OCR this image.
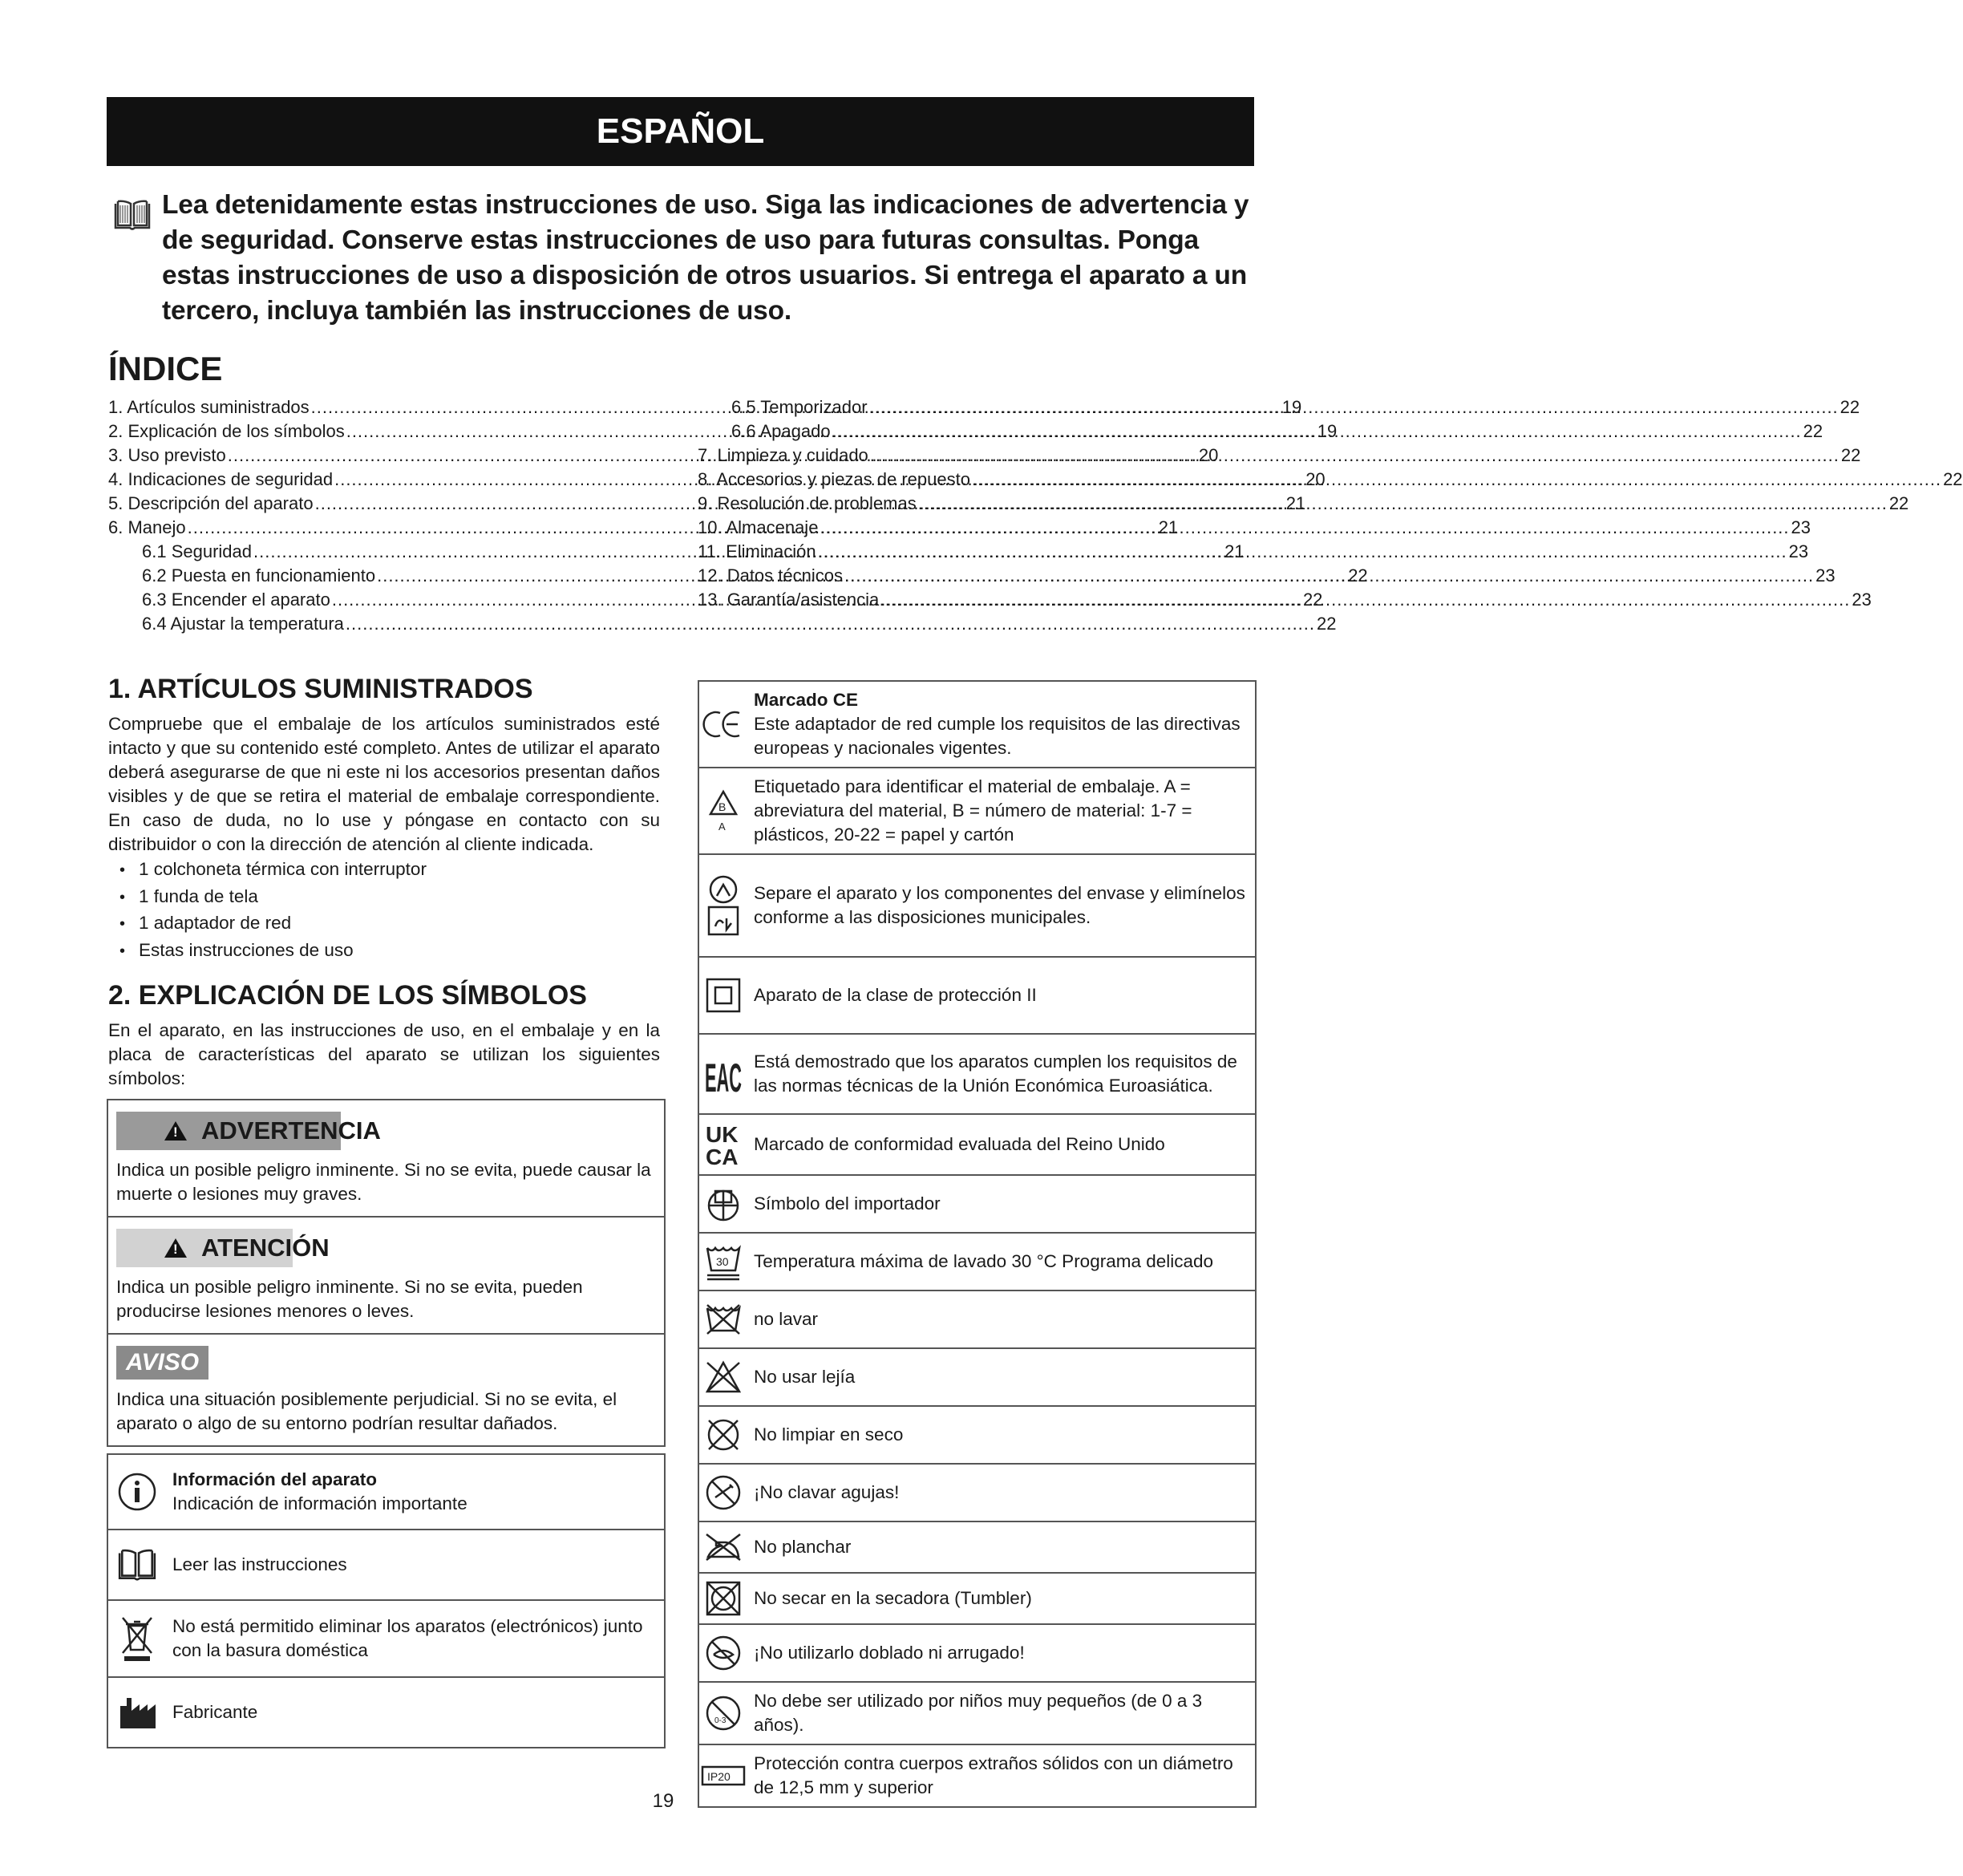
ESPAÑOL

Lea detenidamente estas instrucciones de uso. Siga las indicaciones de advertencia y de seguridad. Conserve estas instrucciones de uso para futuras consultas. Ponga estas instrucciones de uso a disposición de otros usuarios. Si entrega el aparato a un tercero, incluya también las instrucciones de uso.

ÍNDICE
1. Artículos suministrados .....	19
2. Explicación de los símbolos .....	19
3. Uso previsto .....	20
4. Indicaciones de seguridad .....	20
5. Descripción del aparato .....	21
6. Manejo .....	21
6.1 Seguridad .....	21
6.2 Puesta en funcionamiento .....	22
6.3 Encender el aparato .....	22
6.4 Ajustar la temperatura .....	22
6.5 Temporizador .....	22
6.6 Apagado .....	22
7. Limpieza y cuidado .....	22
8. Accesorios y piezas de repuesto .....	22
9. Resolución de problemas .....	22
10. Almacenaje .....	23
11. Eliminación .....	23
12. Datos técnicos .....	23
13. Garantía/asistencia .....	23
1. ARTÍCULOS SUMINISTRADOS

Compruebe que el embalaje de los artículos suministrados esté intacto y que su contenido esté completo. Antes de utilizar el aparato deberá asegurarse de que ni este ni los accesorios presentan daños visibles y de que se retira el material de embalaje correspondiente. En caso de duda, no lo use y póngase en contacto con su distribuidor o con la dirección de atención al cliente indicada.

• 1 colchoneta térmica con interruptor
• 1 funda de tela
• 1 adaptador de red
• Estas instrucciones de uso
2. EXPLICACIÓN DE LOS SÍMBOLOS

En el aparato, en las instrucciones de uso, en el embalaje y en la placa de características del aparato se utilizan los siguientes símbolos:

!
ADVERTENCIA
Indica un posible peligro inminente. Si no se evita, puede causar la muerte o lesiones muy graves.
!
ATENCIÓN
Indica un posible peligro inminente. Si no se evita, pueden producirse lesiones menores o leves.
AVISO
Indica una situación posiblemente perjudicial. Si no se evita, el aparato o algo de su entorno podrían resultar dañados.
Información del aparato
Indicación de información importante
Leer las instrucciones
No está permitido eliminar los aparatos (electrónicos) junto con la basura doméstica
Fabricante
Marcado CE
Este adaptador de red cumple los requisitos de las directivas europeas y nacionales vigentes.
B
A
Etiquetado para identificar el material de embalaje. A = abreviatura del material, B = número de material: 1-7 = plásticos, 20-22 = papel y cartón
Separe el aparato y los componentes del envase y elimínelos conforme a las disposiciones municipales.
Aparato de la clase de protección II
EAC Está demostrado que los aparatos cumplen los requisitos de las normas técnicas de la Unión Económica Euroasiática.
UK
CA
Marcado de conformidad evaluada del Reino Unido
Símbolo del importador
30	Temperatura máxima de lavado 30 °C Programa delicado
no lavar
No usar lejía
No limpiar en seco
¡No clavar agujas!
No planchar
No secar en la secadora (Tumbler)
¡No utilizarlo doblado ni arrugado!
0-3
No debe ser utilizado por niños muy pequeños (de 0 a 3 años).
IP20
Protección contra cuerpos extraños sólidos con un diámetro de 12,5 mm y superior
19
